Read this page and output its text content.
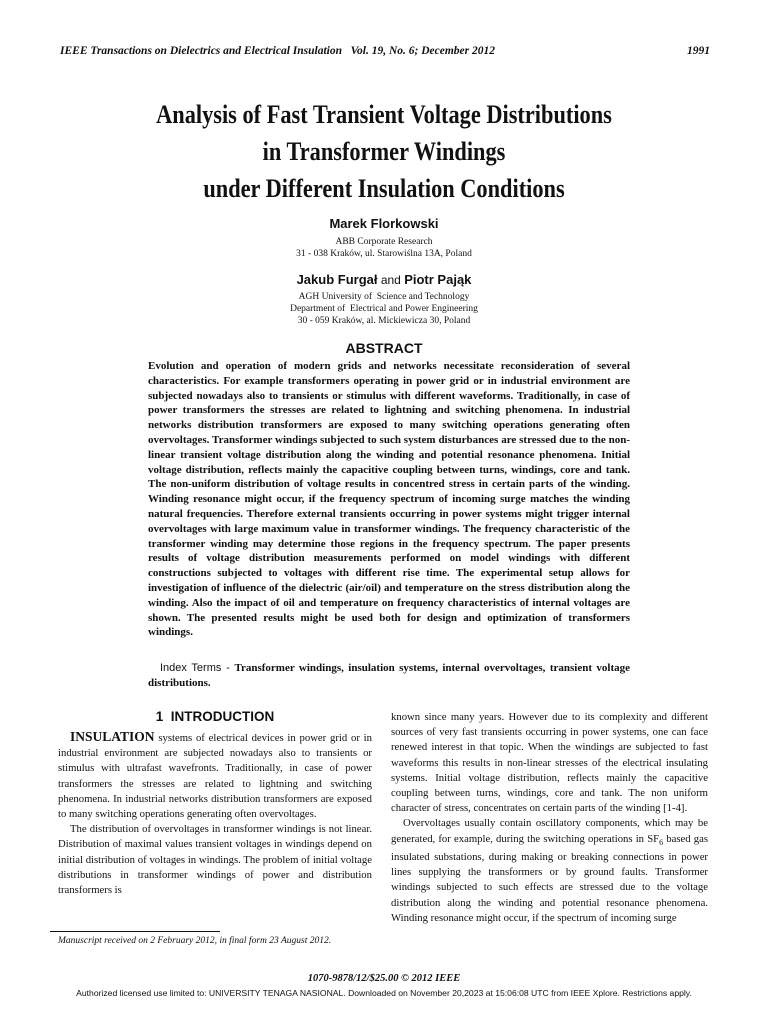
IEEE Transactions on Dielectrics and Electrical Insulation   Vol. 19, No. 6; December 2012	1991
Analysis of Fast Transient Voltage Distributions
in Transformer Windings
under Different Insulation Conditions
Marek Florkowski
ABB Corporate Research
31 - 038 Kraków, ul. Starowiślna 13A, Poland
Jakub Furgał and Piotr Pająk
AGH University of  Science and Technology
Department of  Electrical and Power Engineering
30 - 059 Kraków, al. Mickiewicza 30, Poland
ABSTRACT
Evolution and operation of modern grids and networks necessitate reconsideration of several characteristics. For example transformers operating in power grid or in industrial environment are subjected nowadays also to transients or stimulus with different waveforms. Traditionally, in case of power transformers the stresses are related to lightning and switching phenomena. In industrial networks distribution transformers are exposed to many switching operations generating often overvoltages. Transformer windings subjected to such system disturbances are stressed due to the non-linear transient voltage distribution along the winding and potential resonance phenomena. Initial voltage distribution, reflects mainly the capacitive coupling between turns, windings, core and tank. The non-uniform distribution of voltage results in concentred stress in certain parts of the winding. Winding resonance might occur, if the frequency spectrum of incoming surge matches the winding natural frequencies. Therefore external transients occurring in power systems might trigger internal overvoltages with large maximum value in transformer windings. The frequency characteristic of the transformer winding may determine those regions in the frequency spectrum. The paper presents results of voltage distribution measurements performed on model windings with different constructions subjected to voltages with different rise time. The experimental setup allows for investigation of influence of the dielectric (air/oil) and temperature on the stress distribution along the winding. Also the impact of oil and temperature on frequency characteristics of internal voltages are shown. The presented results might be used both for design and optimization of transformers windings.
Index Terms - Transformer windings, insulation systems, internal overvoltages, transient voltage distributions.
1  INTRODUCTION

INSULATION systems of electrical devices in power grid or in industrial environment are subjected nowadays also to transients or stimulus with ultrafast wavefronts. Traditionally, in case of power transformers the stresses are related to lightning and switching phenomena. In industrial networks distribution transformers are exposed to many switching operations generating often overvoltages.

The distribution of overvoltages in transformer windings is not linear. Distribution of maximal values transient voltages in windings depend on initial distribution of voltages in windings. The problem of initial voltage distributions in transformer windings of power and distribution transformers is

known since many years. However due to its complexity and different sources of very fast transients occurring in power systems, one can face renewed interest in that topic. When the windings are subjected to fast waveforms this results in non-linear stresses of the electrical insulating systems. Initial voltage distribution, reflects mainly the capacitive coupling between turns, windings, core and tank. The non uniform character of stress, concentrates on certain parts of the winding [1-4].

Overvoltages usually contain oscillatory components, which may be generated, for example, during the switching operations in $SF_6$ based gas insulated substations, during making or breaking connections in power lines supplying the transformers or by ground faults. Transformer windings subjected to such effects are stressed due to the voltage distribution along the winding and potential resonance phenomena. Winding resonance might occur, if the spectrum of incoming surge

Manuscript received on 2 February 2012, in final form 23 August 2012.
1070-9878/12/$25.00 © 2012 IEEE
Authorized licensed use limited to: UNIVERSITY TENAGA NASIONAL. Downloaded on November 20,2023 at 15:06:08 UTC from IEEE Xplore. Restrictions apply.
